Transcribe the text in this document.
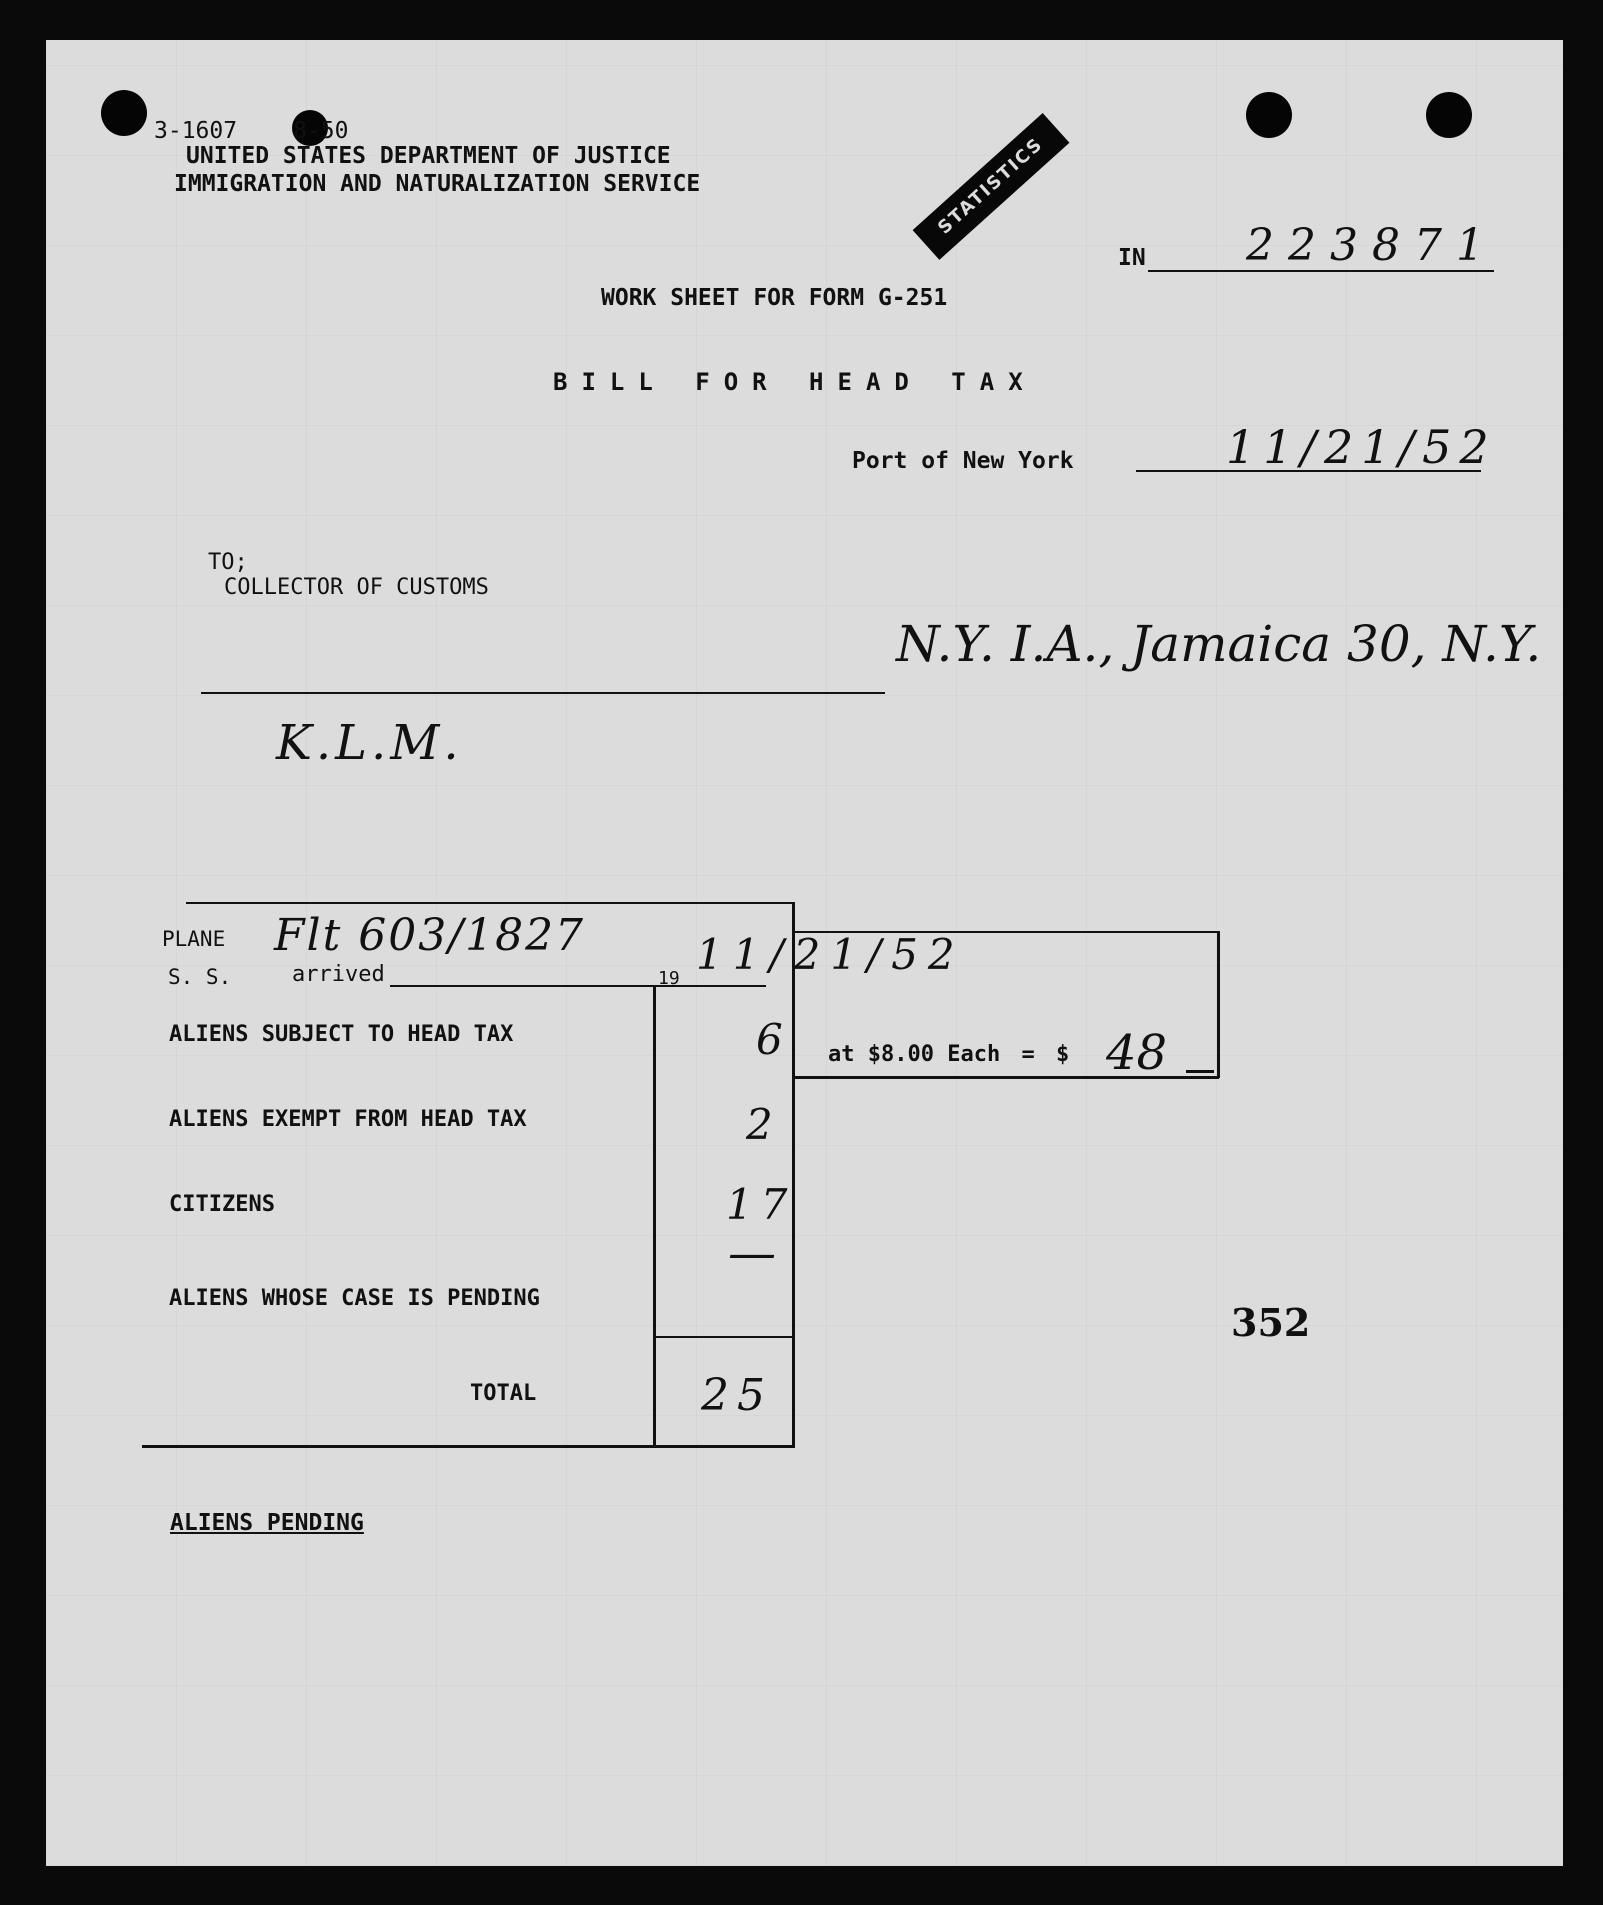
3-1607 8-50
UNITED STATES DEPARTMENT OF JUSTICE
IMMIGRATION AND NATURALIZATION SERVICE	STATISTICS
IN 223871
WORK SHEET FOR FORM G-251
BILL FOR HEAD TAX
Port of New York	11/21/52
TO;
COLLECTOR OF CUSTOMS
N.Y. I.A., Jamaica 30, N.Y.
K.L.M.
PLANE
S. S.	arrived
Flt 603/1827
19 11/21/52
ALIENS SUBJECT TO HEAD TAX	6
ALIENS EXEMPT FROM HEAD TAX	2
CITIZENS	17
ALIENS WHOSE CASE IS PENDING
—
TOTAL	25
at $8.00 Each = $ 48
352
ALIENS PENDING
